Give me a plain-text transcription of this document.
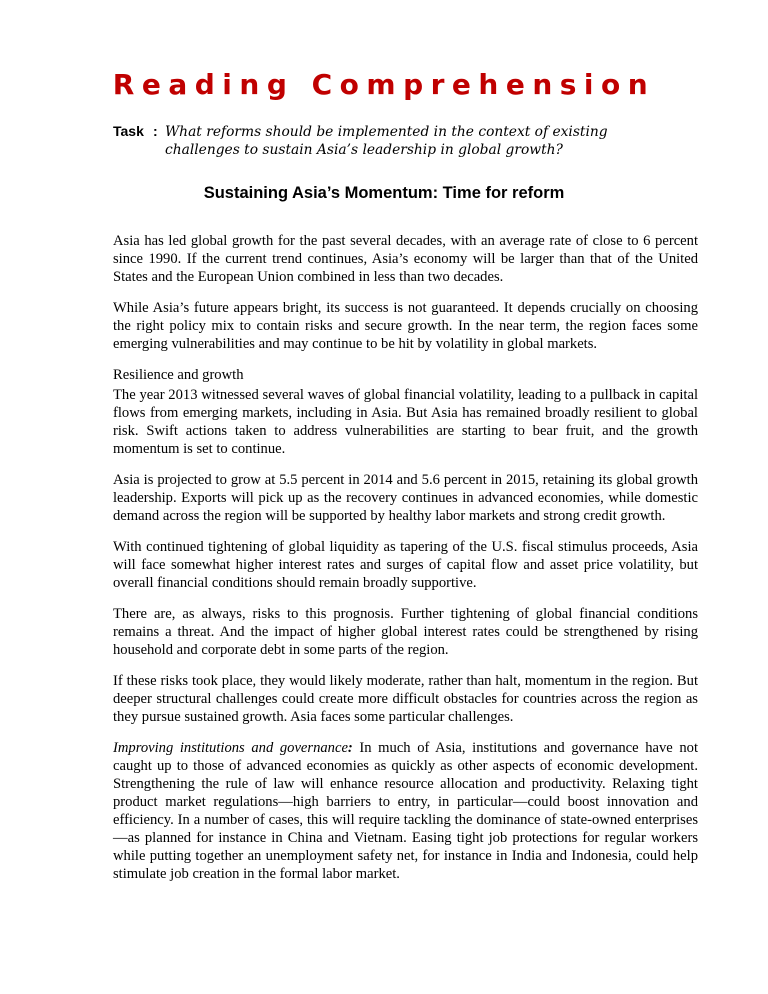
Reading Comprehension
Task : What reforms should be implemented in the context of existing challenges to sustain Asia’s leadership in global growth?
Sustaining Asia’s Momentum: Time for reform

Asia has led global growth for the past several decades, with an average rate of close to 6 percent since 1990. If the current trend continues, Asia’s economy will be larger than that of the United States and the European Union combined in less than two decades.

While Asia’s future appears bright, its success is not guaranteed. It depends crucially on choosing the right policy mix to contain risks and secure growth. In the near term, the region faces some emerging vulnerabilities and may continue to be hit by volatility in global markets.

Resilience and growth

The year 2013 witnessed several waves of global financial volatility, leading to a pullback in capital flows from emerging markets, including in Asia. But Asia has remained broadly resilient to global risk. Swift actions taken to address vulnerabilities are starting to bear fruit, and the growth momentum is set to continue.

Asia is projected to grow at 5.5 percent in 2014 and 5.6 percent in 2015, retaining its global growth leadership. Exports will pick up as the recovery continues in advanced economies, while domestic demand across the region will be supported by healthy labor markets and strong credit growth.

With continued tightening of global liquidity as tapering of the U.S. fiscal stimulus proceeds, Asia will face somewhat higher interest rates and surges of capital flow and asset price volatility, but overall financial conditions should remain broadly supportive.

There are, as always, risks to this prognosis. Further tightening of global financial conditions remains a threat. And the impact of higher global interest rates could be strengthened by rising household and corporate debt in some parts of the region.

If these risks took place, they would likely moderate, rather than halt, momentum in the region. But deeper structural challenges could create more difficult obstacles for countries across the region as they pursue sustained growth. Asia faces some particular challenges.

Improving institutions and governance: In much of Asia, institutions and governance have not caught up to those of advanced economies as quickly as other aspects of economic development. Strengthening the rule of law will enhance resource allocation and productivity. Relaxing tight product market regulations—high barriers to entry, in particular—could boost innovation and efficiency. In a number of cases, this will require tackling the dominance of state-owned enterprises—as planned for instance in China and Vietnam. Easing tight job protections for regular workers while putting together an unemployment safety net, for instance in India and Indonesia, could help stimulate job creation in the formal labor market.
